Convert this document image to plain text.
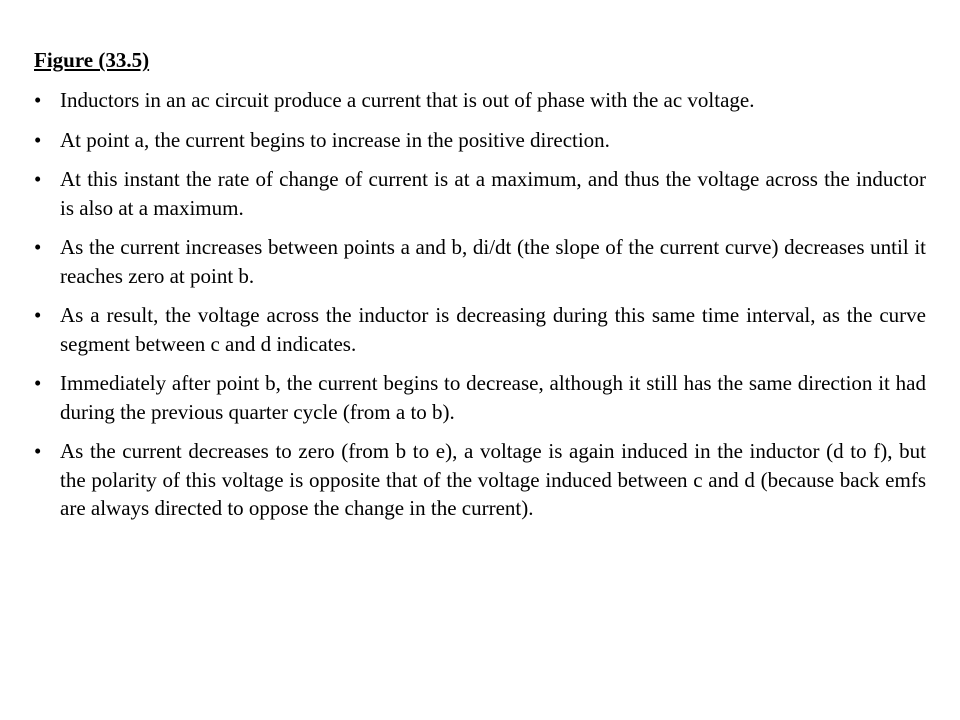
Figure (33.5)
• Inductors in an ac circuit produce a current that is out of phase with the ac voltage.
• At point a, the current begins to increase in the positive direction.
• At this instant the rate of change of current is at a maximum, and thus the voltage across the inductor is also at a maximum.
• As the current increases between points a and b, di/dt (the slope of the current curve) decreases until it reaches zero at point b.
• As a result, the voltage across the inductor is decreasing during this same time interval, as the curve segment between c and d indicates.
• Immediately after point b, the current begins to decrease, although it still has the same direction it had during the previous quarter cycle (from a to b).
• As the current decreases to zero (from b to e), a voltage is again induced in the inductor (d to f), but the polarity of this voltage is opposite that of the voltage induced between c and d (because back emfs are always directed to oppose the change in the current).
